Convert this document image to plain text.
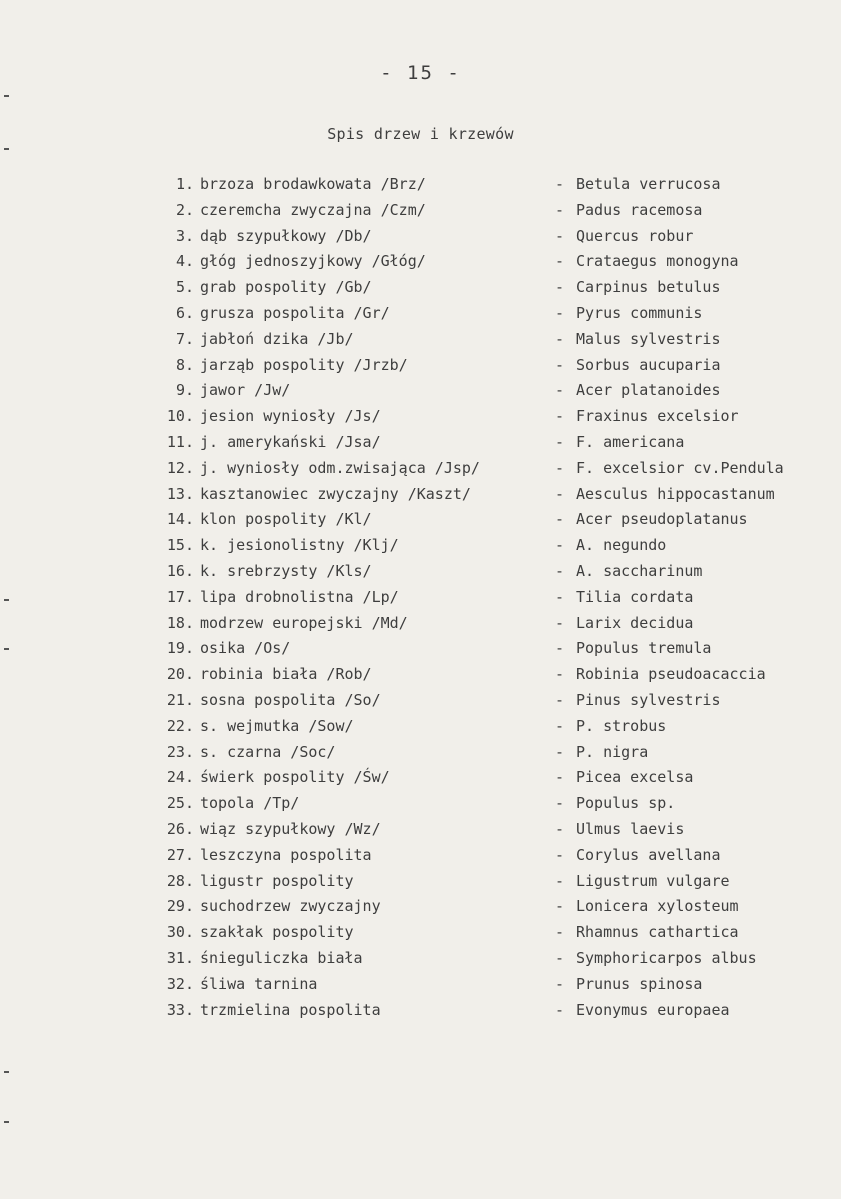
- 15 -
Spis drzew i krzewów
1. brzoza brodawkowata /Brz/	- Betula verrucosa
2. czeremcha zwyczajna /Czm/	- Padus racemosa
3. dąb szypułkowy /Db/	- Quercus robur
4. głóg jednoszyjkowy /Głóg/	- Crataegus monogyna
5. grab pospolity /Gb/	- Carpinus betulus
6. grusza pospolita /Gr/	- Pyrus communis
7. jabłoń dzika /Jb/	- Malus sylvestris
8. jarząb pospolity /Jrzb/	- Sorbus aucuparia
9. jawor /Jw/	- Acer platanoides
10. jesion wyniosły /Js/	- Fraxinus excelsior
11. j. amerykański /Jsa/	- F. americana
12. j. wyniosły odm.zwisająca /Jsp/	- F. excelsior cv.Pendula
13. kasztanowiec zwyczajny /Kaszt/	- Aesculus hippocastanum
14. klon pospolity /Kl/	- Acer pseudoplatanus
15. k. jesionolistny /Klj/	- A. negundo
16. k. srebrzysty /Kls/	- A. saccharinum
17. lipa drobnolistna /Lp/	- Tilia cordata
18. modrzew europejski /Md/	- Larix decidua
19. osika /Os/	- Populus tremula
20. robinia biała /Rob/	- Robinia pseudoacaccia
21. sosna pospolita /So/	- Pinus sylvestris
22. s. wejmutka /Sow/	- P. strobus
23. s. czarna /Soc/	- P. nigra
24. świerk pospolity /Św/	- Picea excelsa
25. topola /Tp/	- Populus sp.
26. wiąz szypułkowy /Wz/	- Ulmus laevis
27. leszczyna pospolita	- Corylus avellana
28. ligustr pospolity	- Ligustrum vulgare
29. suchodrzew zwyczajny	- Lonicera xylosteum
30. szakłak pospolity	- Rhamnus cathartica
31. śnieguliczka biała	- Symphoricarpos albus
32. śliwa tarnina	- Prunus spinosa
33. trzmielina pospolita	- Evonymus europaea
